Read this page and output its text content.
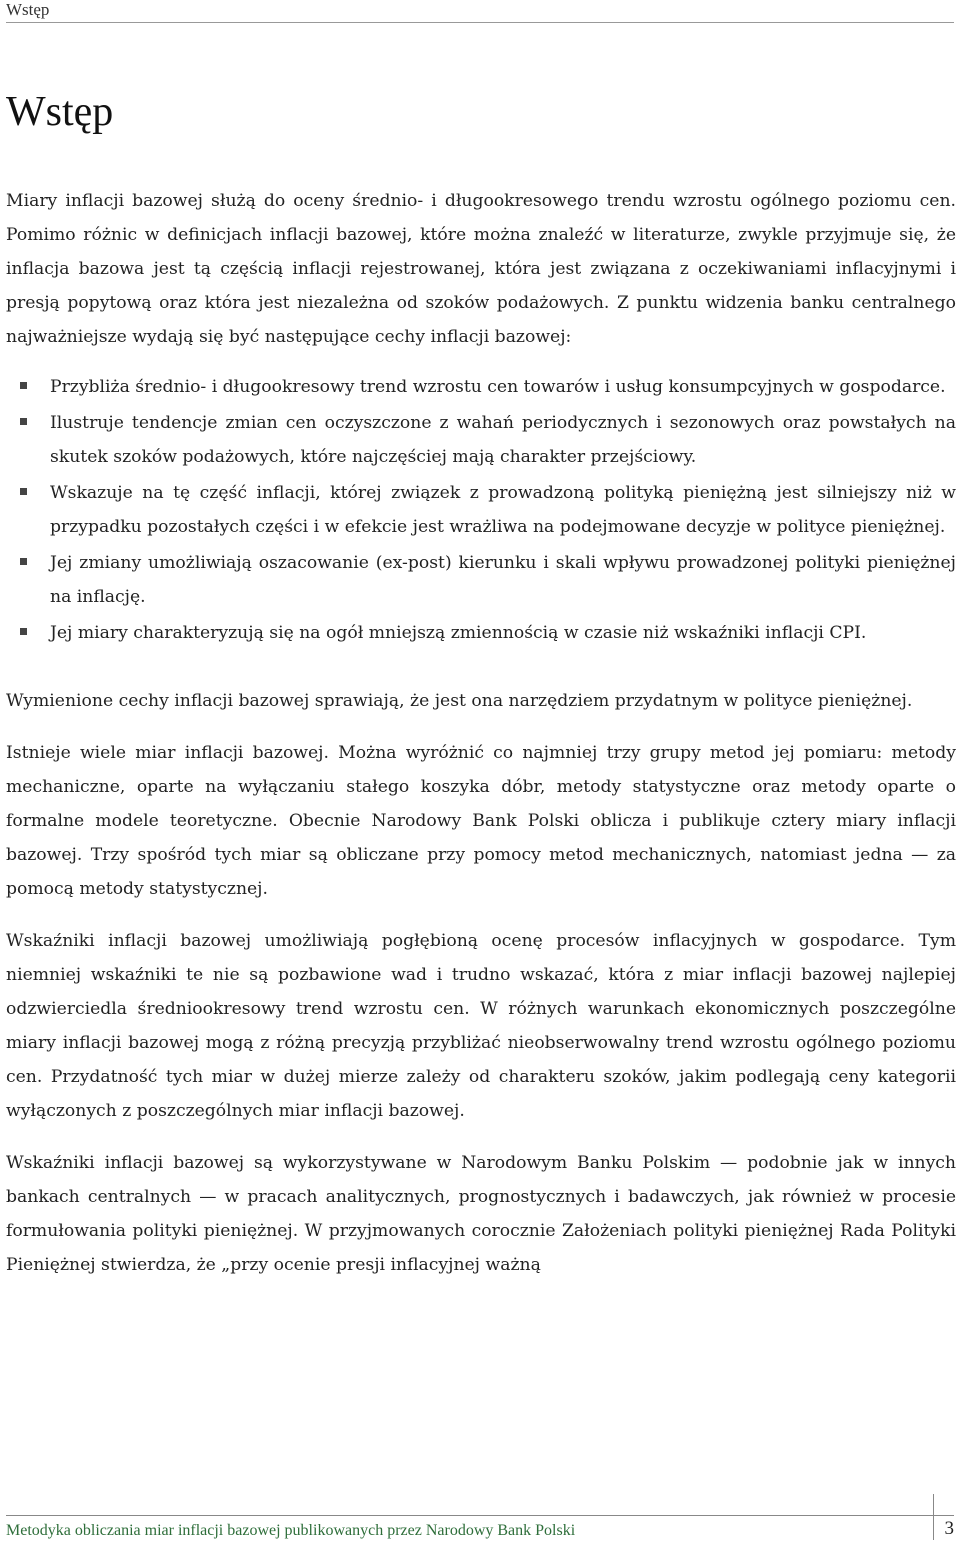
Wstęp
Wstęp

Miary inflacji bazowej służą do oceny średnio- i długookresowego trendu wzrostu ogólnego poziomu cen. Pomimo różnic w definicjach inflacji bazowej, które można znaleźć w literaturze, zwykle przyjmuje się, że inflacja bazowa jest tą częścią inflacji rejestrowanej, która jest związana z oczekiwaniami inflacyjnymi i presją popytową oraz która jest niezależna od szoków podażowych. Z punktu widzenia banku centralnego najważniejsze wydają się być następujące cechy inflacji bazowej:

Przybliża średnio- i długookresowy trend wzrostu cen towarów i usług konsumpcyjnych w gospodarce.
Ilustruje tendencje zmian cen oczyszczone z wahań periodycznych i sezonowych oraz powstałych na skutek szoków podażowych, które najczęściej mają charakter przejściowy.
Wskazuje na tę część inflacji, której związek z prowadzoną polityką pieniężną jest silniejszy niż w przypadku pozostałych części i w efekcie jest wrażliwa na podejmowane decyzje w polityce pieniężnej.
Jej zmiany umożliwiają oszacowanie (ex-post) kierunku i skali wpływu prowadzonej polityki pieniężnej na inflację.
Jej miary charakteryzują się na ogół mniejszą zmiennością w czasie niż wskaźniki inflacji CPI.

Wymienione cechy inflacji bazowej sprawiają, że jest ona narzędziem przydatnym w polityce pieniężnej.

Istnieje wiele miar inflacji bazowej. Można wyróżnić co najmniej trzy grupy metod jej pomiaru: metody mechaniczne, oparte na wyłączaniu stałego koszyka dóbr, metody statystyczne oraz metody oparte o formalne modele teoretyczne. Obecnie Narodowy Bank Polski oblicza i publikuje cztery miary inflacji bazowej. Trzy spośród tych miar są obliczane przy pomocy metod mechanicznych, natomiast jedna — za pomocą metody statystycznej.

Wskaźniki inflacji bazowej umożliwiają pogłębioną ocenę procesów inflacyjnych w gospodarce. Tym niemniej wskaźniki te nie są pozbawione wad i trudno wskazać, która z miar inflacji bazowej najlepiej odzwierciedla średniookresowy trend wzrostu cen. W różnych warunkach ekonomicznych poszczególne miary inflacji bazowej mogą z różną precyzją przybliżać nieobserwowalny trend wzrostu ogólnego poziomu cen. Przydatność tych miar w dużej mierze zależy od charakteru szoków, jakim podlegają ceny kategorii wyłączonych z poszczególnych miar inflacji bazowej.

Wskaźniki inflacji bazowej są wykorzystywane w Narodowym Banku Polskim — podobnie jak w innych bankach centralnych — w pracach analitycznych, prognostycznych i badawczych, jak również w procesie formułowania polityki pieniężnej. W przyjmowanych corocznie Założeniach polityki pieniężnej Rada Polityki Pieniężnej stwierdza, że „przy ocenie presji inflacyjnej ważną

Metodyka obliczania miar inflacji bazowej publikowanych przez Narodowy Bank Polski	3
